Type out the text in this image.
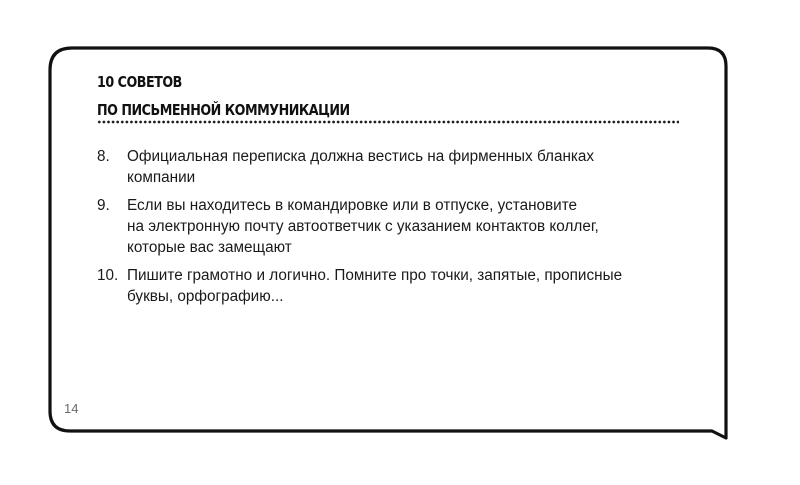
10 СОВЕТОВ
ПО ПИСЬМЕННОЙ КОММУНИКАЦИИ
8.	Официальная переписка должна вестись на фирменных бланках
компании
9.	Если вы находитесь в командировке или в отпуске, установите
на электронную почту автоответчик с указанием контактов коллег,
которые вас замещают
10. Пишите грамотно и логично. Помните про точки, запятые, прописные
буквы, орфографию...
14
